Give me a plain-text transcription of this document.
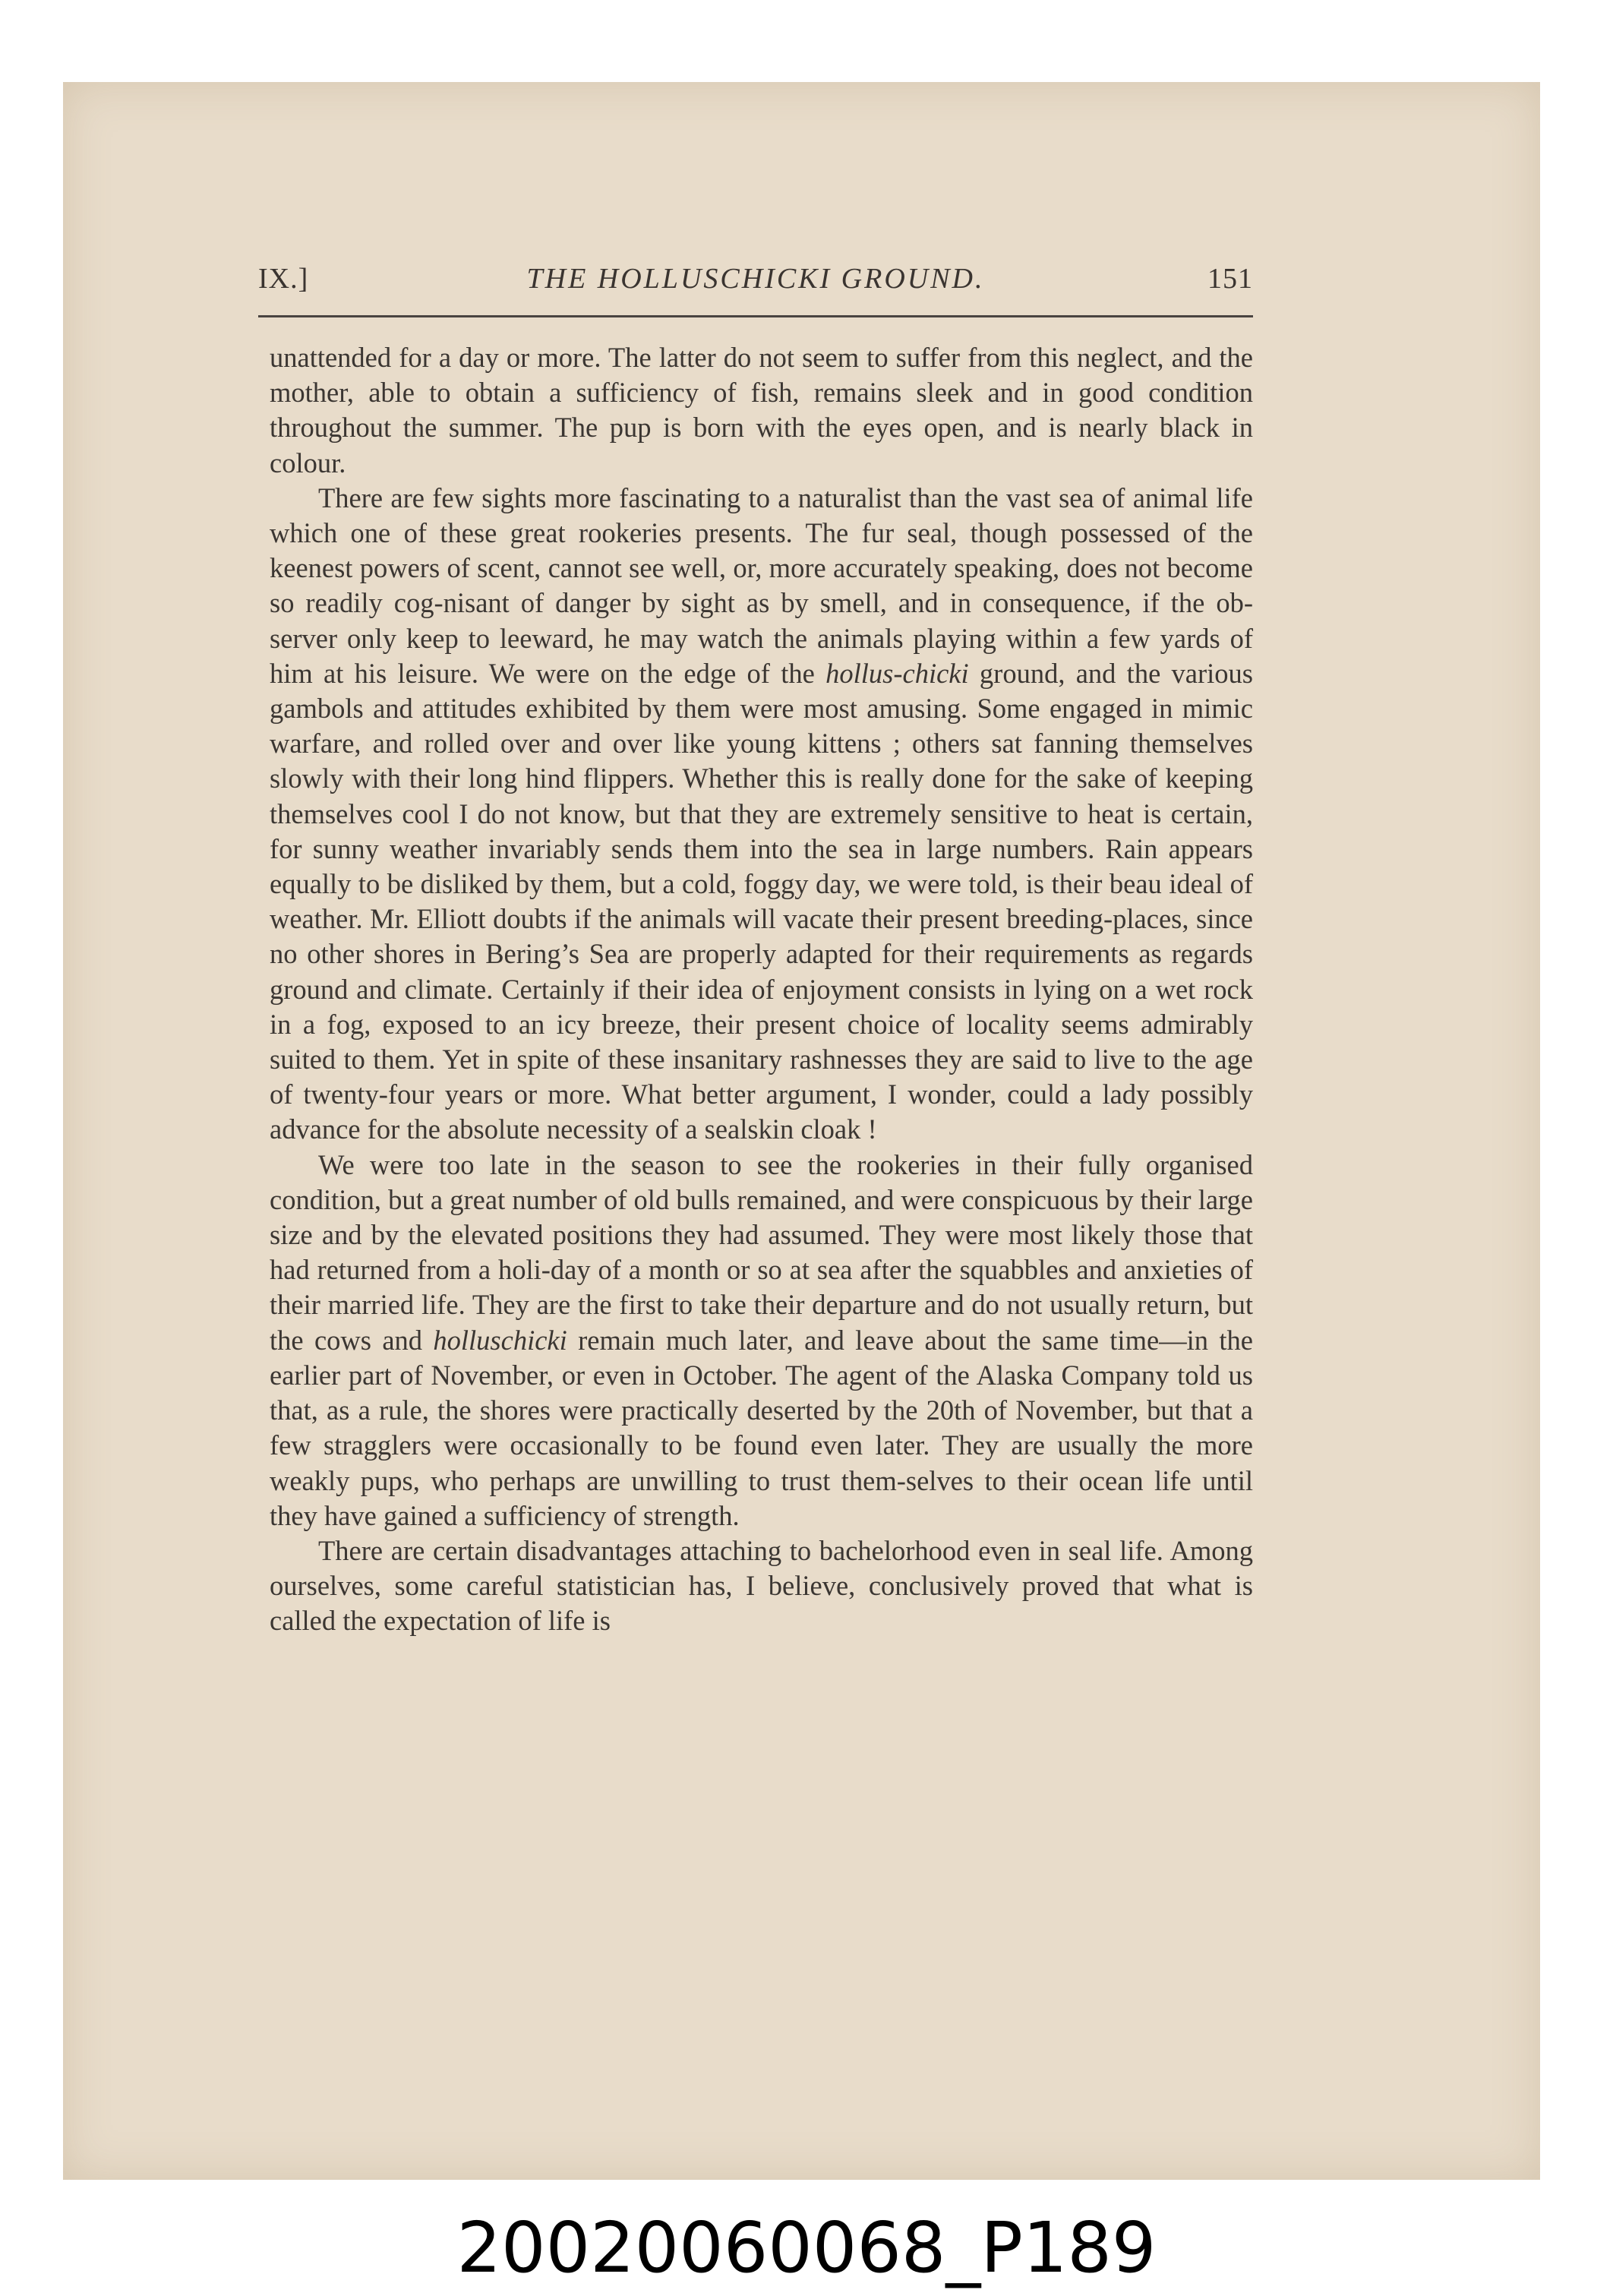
IX.]	THE HOLLUSCHICKI GROUND.	151

unattended for a day or more. The latter do not seem to suffer from this neglect, and the mother, able to obtain a sufficiency of fish, remains sleek and in good condition throughout the summer. The pup is born with the eyes open, and is nearly black in colour.

There are few sights more fascinating to a naturalist than the vast sea of animal life which one of these great rookeries presents. The fur seal, though possessed of the keenest powers of scent, cannot see well, or, more accurately speaking, does not become so readily cog-nisant of danger by sight as by smell, and in consequence, if the ob-server only keep to leeward, he may watch the animals playing within a few yards of him at his leisure. We were on the edge of the hollus-chicki ground, and the various gambols and attitudes exhibited by them were most amusing. Some engaged in mimic warfare, and rolled over and over like young kittens ; others sat fanning themselves slowly with their long hind flippers. Whether this is really done for the sake of keeping themselves cool I do not know, but that they are extremely sensitive to heat is certain, for sunny weather invariably sends them into the sea in large numbers. Rain appears equally to be disliked by them, but a cold, foggy day, we were told, is their beau ideal of weather. Mr. Elliott doubts if the animals will vacate their present breeding-places, since no other shores in Bering’s Sea are properly adapted for their requirements as regards ground and climate. Certainly if their idea of enjoyment consists in lying on a wet rock in a fog, exposed to an icy breeze, their present choice of locality seems admirably suited to them. Yet in spite of these insanitary rashnesses they are said to live to the age of twenty-four years or more. What better argument, I wonder, could a lady possibly advance for the absolute necessity of a sealskin cloak !

We were too late in the season to see the rookeries in their fully organised condition, but a great number of old bulls remained, and were conspicuous by their large size and by the elevated positions they had assumed. They were most likely those that had returned from a holi-day of a month or so at sea after the squabbles and anxieties of their married life. They are the first to take their departure and do not usually return, but the cows and holluschicki remain much later, and leave about the same time—in the earlier part of November, or even in October. The agent of the Alaska Company told us that, as a rule, the shores were practically deserted by the 20th of November, but that a few stragglers were occasionally to be found even later. They are usually the more weakly pups, who perhaps are unwilling to trust them-selves to their ocean life until they have gained a sufficiency of strength.

There are certain disadvantages attaching to bachelorhood even in seal life. Among ourselves, some careful statistician has, I believe, conclusively proved that what is called the expectation of life is

20020060068_P189
